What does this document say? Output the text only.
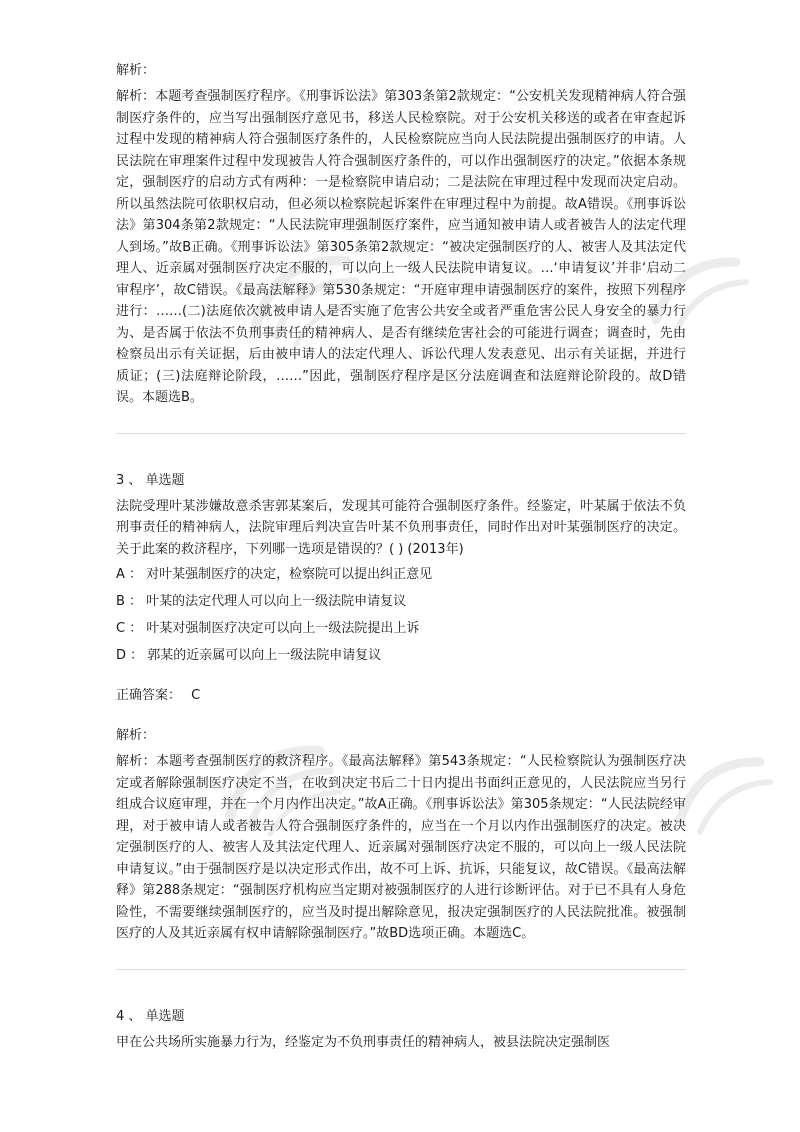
解析：

解析：本题考查强制医疗程序。《刑事诉讼法》第303条第2款规定：“公安机关发现精神病人符合强制医疗条件的，应当写出强制医疗意见书，移送人民检察院。对于公安机关移送的或者在审查起诉过程中发现的精神病人符合强制医疗条件的，人民检察院应当向人民法院提出强制医疗的申请。人民法院在审理案件过程中发现被告人符合强制医疗条件的，可以作出强制医疗的决定。”依据本条规定，强制医疗的启动方式有两种：一是检察院申请启动；二是法院在审理过程中发现而决定启动。所以虽然法院可依职权启动，但必须以检察院起诉案件在审理过程中为前提。故A错误。《刑事诉讼法》第304条第2款规定：“人民法院审理强制医疗案件，应当通知被申请人或者被告人的法定代理人到场。”故B正确。《刑事诉讼法》第305条第2款规定：“被决定强制医疗的人、被害人及其法定代理人、近亲属对强制医疗决定不服的，可以向上一级人民法院申请复议。…‘申请复议’并非‘启动二审程序’，故C错误。《最高法解释》第530条规定：“开庭审理申请强制医疗的案件，按照下列程序进行：……(二)法庭依次就被申请人是否实施了危害公共安全或者严重危害公民人身安全的暴力行为、是否属于依法不负刑事责任的精神病人、是否有继续危害社会的可能进行调查；调查时，先由检察员出示有关证据，后由被申请人的法定代理人、诉讼代理人发表意见、出示有关证据，并进行质证；(三)法庭辩论阶段，……”因此，强制医疗程序是区分法庭调查和法庭辩论阶段的。故D错误。本题选B。

3 、 单选题

法院受理叶某涉嫌故意杀害郭某案后，发现其可能符合强制医疗条件。经鉴定，叶某属于依法不负刑事责任的精神病人，法院审理后判决宣告叶某不负刑事责任，同时作出对叶某强制医疗的决定。关于此案的救济程序，下列哪一选项是错误的？( ) (2013年)

A ： 对叶某强制医疗的决定，检察院可以提出纠正意见

B ： 叶某的法定代理人可以向上一级法院申请复议

C ： 叶某对强制医疗决定可以向上一级法院提出上诉

D ： 郭某的近亲属可以向上一级法院申请复议

正确答案： C

解析：

解析：本题考查强制医疗的救济程序。《最高法解释》第543条规定：“人民检察院认为强制医疗决定或者解除强制医疗决定不当，在收到决定书后二十日内提出书面纠正意见的，人民法院应当另行组成合议庭审理，并在一个月内作出决定。”故A正确。《刑事诉讼法》第305条规定：“人民法院经审理，对于被申请人或者被告人符合强制医疗条件的，应当在一个月以内作出强制医疗的决定。被决定强制医疗的人、被害人及其法定代理人、近亲属对强制医疗决定不服的，可以向上一级人民法院申请复议。”由于强制医疗是以决定形式作出，故不可上诉、抗诉，只能复议，故C错误。《最高法解释》第288条规定：“强制医疗机构应当定期对被强制医疗的人进行诊断评估。对于已不具有人身危险性，不需要继续强制医疗的，应当及时提出解除意见，报决定强制医疗的人民法院批准。被强制医疗的人及其近亲属有权申请解除强制医疗。”故BD选项正确。本题选C。

4 、 单选题

甲在公共场所实施暴力行为，经鉴定为不负刑事责任的精神病人，被县法院决定强制医
